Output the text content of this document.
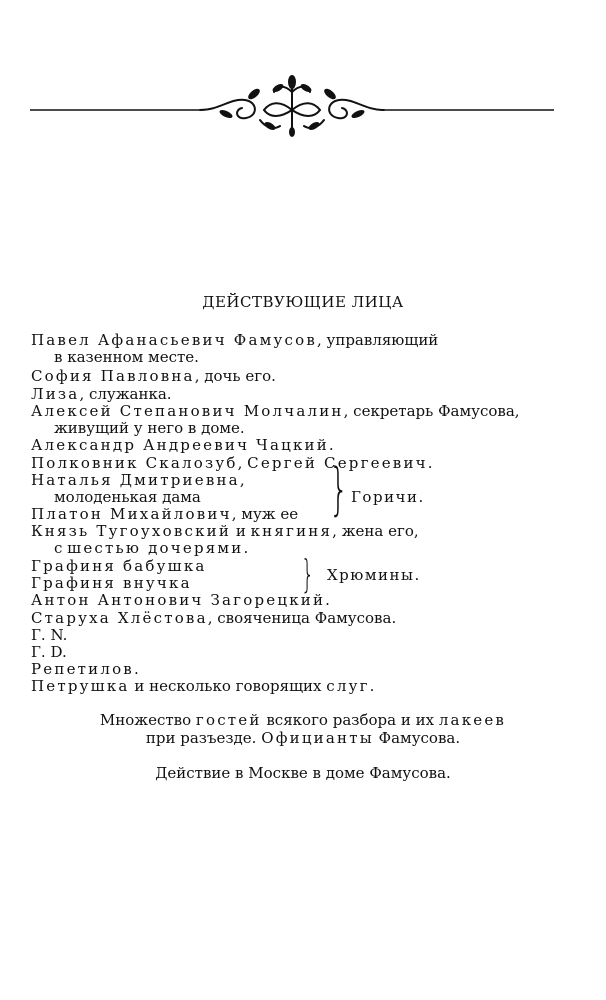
ДЕЙСТВУЮЩИЕ ЛИЦА
Павел Афанасьевич Фамусов, управляющий
в казенном месте.
София Павловна, дочь его.
Лиза, служанка.
Алексей Степанович Молчалин, секретарь Фамусова,
живущий у него в доме.
Александр Андреевич Чацкий.
Полковник Скалозуб, Сергей Сергеевич.
Наталья Дмитриевна,
молоденькая дама
Платон Михайлович, муж ее } Горичи.
Князь Тугоуховский и княгиня, жена его,
с шестью дочерями.
Графиня бабушка
Графиня внучка	} Хрюмины.
Антон Антонович Загорецкий.
Старуха Хлёстова, свояченица Фамусова.
Г. N.
Г. D.
Репетилов.
Петрушка и несколько говорящих слуг.
Множество гостей всякого разбора и их лакеев
при разъезде. Официанты Фамусова.
Действие в Москве в доме Фамусова.
